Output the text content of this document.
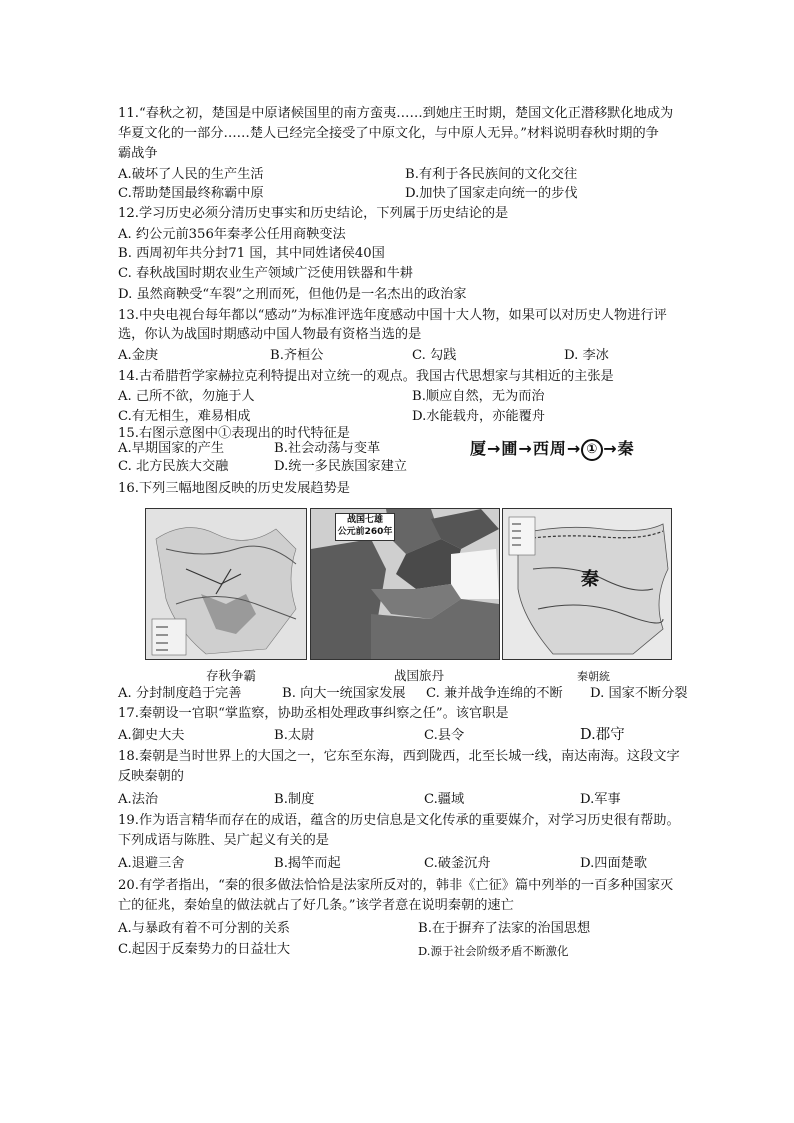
11.“春秋之初，楚国是中原诸候国里的南方蛮夷……到她庄王时期，楚国文化正潜移默化地成为
华夏文化的一部分……楚人已经完全接受了中原文化，与中原人无异。”材料说明春秋时期的争
霸战争
A.破坏了人民的生产生活	B.有利于各民族间的文化交往
C.帮助楚国最终称霸中原	D.加快了国家走向统一的步伐
12.学习历史必须分清历史事实和历史结论，下列属于历史结论的是
A. 约公元前356年秦孝公任用商鞅变法
B. 西周初年共分封71 国，其中同姓诸侯40国
C. 春秋战国时期农业生产领域广泛使用铁器和牛耕
D. 虽然商鞅受“车裂”之刑而死，但他仍是一名杰出的政治家
13.中央电视台每年都以“感动”为标准评选年度感动中国十大人物，如果可以对历史人物进行评
选，你认为战国时期感动中国人物最有资格当选的是
A.金庚	B.齐桓公	C. 勾践	D. 李冰
14.古希腊哲学家赫拉克利特提出对立统一的观点。我国古代思想家与其相近的主张是
A. 己所不欲，勿施于人	B.顺应自然，无为而治
C.有无相生，难易相成	D.水能载舟，亦能覆舟
15.右图示意图中①表现出的时代特征是
A.早期国家的产生	B.社会动荡与变革
C. 北方民族大交融	D.统一多民族国家建立
厦→圃→西周→ ① →秦
16.下列三幅地图反映的历史发展趋势是
战国七雄
公元前260年
秦
存秋争霸	战国旅丹	秦朝統
A. 分封制度趋于完善	B. 向大一统国家发展 C. 兼并战争连绵的不断 D. 国家不断分裂
17.秦朝设一官职“掌监察，协助丞相处理政事纠察之任”。该官职是
A.御史大夫	B.太尉	C.县令	D.郡守
18.秦朝是当时世界上的大国之一，它东至东海，西到陇西，北至长城一线，南达南海。这段文字
反映秦朝的
A.法治	B.制度	C.疆域	D.军事
19.作为语言精华而存在的成语，蕴含的历史信息是文化传承的重要媒介，对学习历史很有帮助。
下列成语与陈胜、吴广起义有关的是
A.退避三舍	B.揭竿而起	C.破釜沉舟	D.四面楚歌
20.有学者指出，“秦的很多做法恰恰是法家所反对的，韩非《亡征》篇中列举的一百多种国家灭
亡的征兆，秦始皇的做法就占了好几条。”该学者意在说明秦朝的速亡
A.与暴政有着不可分割的关系	B.在于摒弃了法家的治国思想
C.起因于反秦势力的日益壮大	D.源于社会阶级矛盾不断激化
